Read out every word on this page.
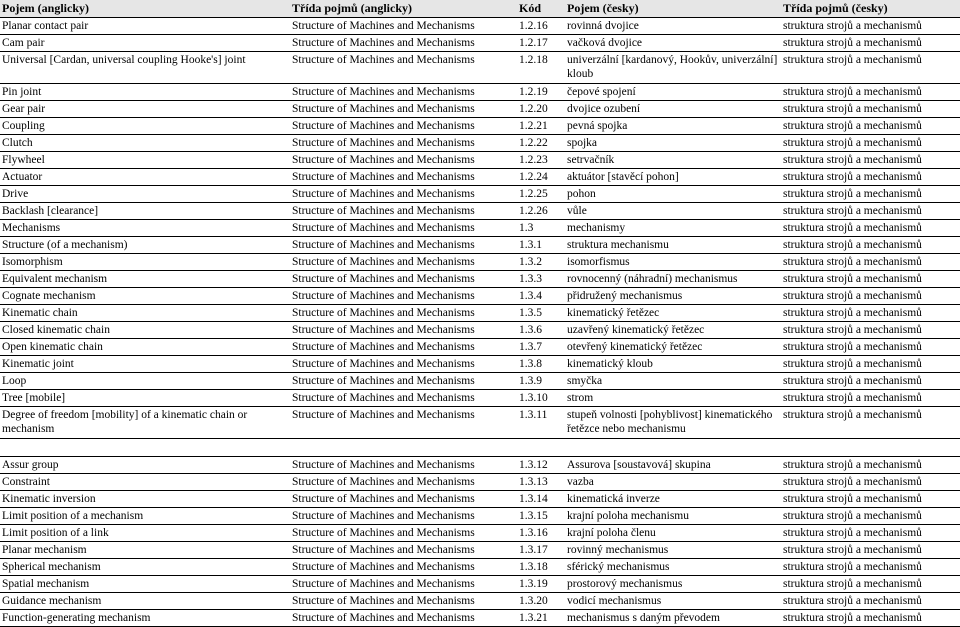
Pojem (anglicky)	Třída pojmů (anglicky)	Kód	Pojem (česky)	Třída pojmů (česky)
Planar contact pair	Structure of Machines and Mechanisms	1.2.16	rovinná dvojice	struktura strojů a mechanismů
Cam pair	Structure of Machines and Mechanisms	1.2.17	vačková dvojice	struktura strojů a mechanismů
Universal [Cardan, universal coupling Hooke's] joint	Structure of Machines and Mechanisms	1.2.18	univerzální [kardanový, Hookův, univerzální] kloub	struktura strojů a mechanismů
Pin joint	Structure of Machines and Mechanisms	1.2.19	čepové spojení	struktura strojů a mechanismů
Gear pair	Structure of Machines and Mechanisms	1.2.20	dvojice ozubení	struktura strojů a mechanismů
Coupling	Structure of Machines and Mechanisms	1.2.21	pevná spojka	struktura strojů a mechanismů
Clutch	Structure of Machines and Mechanisms	1.2.22	spojka	struktura strojů a mechanismů
Flywheel	Structure of Machines and Mechanisms	1.2.23	setrvačník	struktura strojů a mechanismů
Actuator	Structure of Machines and Mechanisms	1.2.24	aktuátor [stavěcí pohon]	struktura strojů a mechanismů
Drive	Structure of Machines and Mechanisms	1.2.25	pohon	struktura strojů a mechanismů
Backlash [clearance]	Structure of Machines and Mechanisms	1.2.26	vůle	struktura strojů a mechanismů
Mechanisms	Structure of Machines and Mechanisms	1.3	mechanismy	struktura strojů a mechanismů
Structure (of a mechanism)	Structure of Machines and Mechanisms	1.3.1	struktura mechanismu	struktura strojů a mechanismů
Isomorphism	Structure of Machines and Mechanisms	1.3.2	isomorfismus	struktura strojů a mechanismů
Equivalent mechanism	Structure of Machines and Mechanisms	1.3.3	rovnocenný (náhradní) mechanismus	struktura strojů a mechanismů
Cognate mechanism	Structure of Machines and Mechanisms	1.3.4	přidružený mechanismus	struktura strojů a mechanismů
Kinematic chain	Structure of Machines and Mechanisms	1.3.5	kinematický řetězec	struktura strojů a mechanismů
Closed kinematic chain	Structure of Machines and Mechanisms	1.3.6	uzavřený kinematický řetězec	struktura strojů a mechanismů
Open kinematic chain	Structure of Machines and Mechanisms	1.3.7	otevřený kinematický řetězec	struktura strojů a mechanismů
Kinematic joint	Structure of Machines and Mechanisms	1.3.8	kinematický kloub	struktura strojů a mechanismů
Loop	Structure of Machines and Mechanisms	1.3.9	smyčka	struktura strojů a mechanismů
Tree [mobile]	Structure of Machines and Mechanisms	1.3.10	strom	struktura strojů a mechanismů
Degree of freedom [mobility] of a kinematic chain or mechanism	Structure of Machines and Mechanisms	1.3.11	stupeň volnosti [pohyblivost] kinematického řetězce nebo mechanismu	struktura strojů a mechanismů

Assur group	Structure of Machines and Mechanisms	1.3.12	Assurova [soustavová] skupina	struktura strojů a mechanismů
Constraint	Structure of Machines and Mechanisms	1.3.13	vazba	struktura strojů a mechanismů
Kinematic inversion	Structure of Machines and Mechanisms	1.3.14	kinematická inverze	struktura strojů a mechanismů
Limit position of a mechanism	Structure of Machines and Mechanisms	1.3.15	krajní poloha mechanismu	struktura strojů a mechanismů
Limit position of a link	Structure of Machines and Mechanisms	1.3.16	krajní poloha členu	struktura strojů a mechanismů
Planar mechanism	Structure of Machines and Mechanisms	1.3.17	rovinný mechanismus	struktura strojů a mechanismů
Spherical mechanism	Structure of Machines and Mechanisms	1.3.18	sférický mechanismus	struktura strojů a mechanismů
Spatial mechanism	Structure of Machines and Mechanisms	1.3.19	prostorový mechanismus	struktura strojů a mechanismů
Guidance mechanism	Structure of Machines and Mechanisms	1.3.20	vodicí mechanismus	struktura strojů a mechanismů
Function-generating mechanism	Structure of Machines and Mechanisms	1.3.21	mechanismus s daným převodem	struktura strojů a mechanismů
